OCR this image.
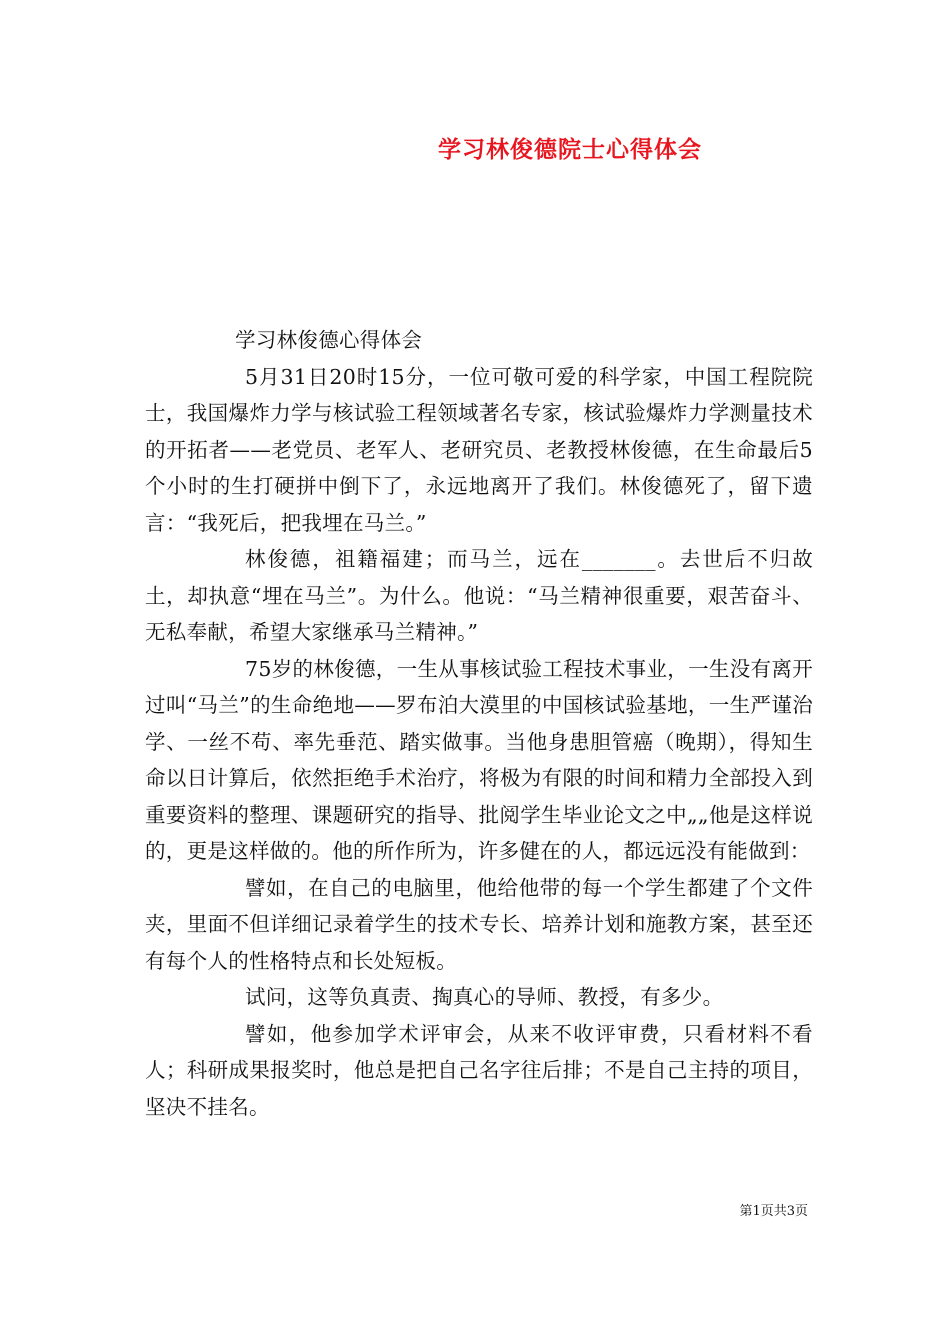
学习林俊德院士心得体会

学习林俊德心得体会

5月31日20时15分，一位可敬可爱的科学家，中国工程院院士，我国爆炸力学与核试验工程领域著名专家，核试验爆炸力学测量技术的开拓者——老党员、老军人、老研究员、老教授林俊德，在生命最后5个小时的生打硬拼中倒下了，永远地离开了我们。林俊德死了，留下遗言：“我死后，把我埋在马兰。”

林俊德，祖籍福建；而马兰，远在_______。去世后不归故土，却执意“埋在马兰”。为什么。他说：“马兰精神很重要，艰苦奋斗、无私奉献，希望大家继承马兰精神。”

75岁的林俊德，一生从事核试验工程技术事业，一生没有离开过叫“马兰”的生命绝地——罗布泊大漠里的中国核试验基地，一生严谨治学、一丝不苟、率先垂范、踏实做事。当他身患胆管癌（晚期），得知生命以日计算后，依然拒绝手术治疗，将极为有限的时间和精力全部投入到重要资料的整理、课题研究的指导、批阅学生毕业论文之中„„他是这样说的，更是这样做的。他的所作所为，许多健在的人，都远远没有能做到：

譬如，在自己的电脑里，他给他带的每一个学生都建了个文件夹，里面不但详细记录着学生的技术专长、培养计划和施教方案，甚至还有每个人的性格特点和长处短板。

试问，这等负真责、掏真心的导师、教授，有多少。

譬如，他参加学术评审会，从来不收评审费，只看材料不看人；科研成果报奖时，他总是把自己名字往后排；不是自己主持的项目，坚决不挂名。

第1页共3页
